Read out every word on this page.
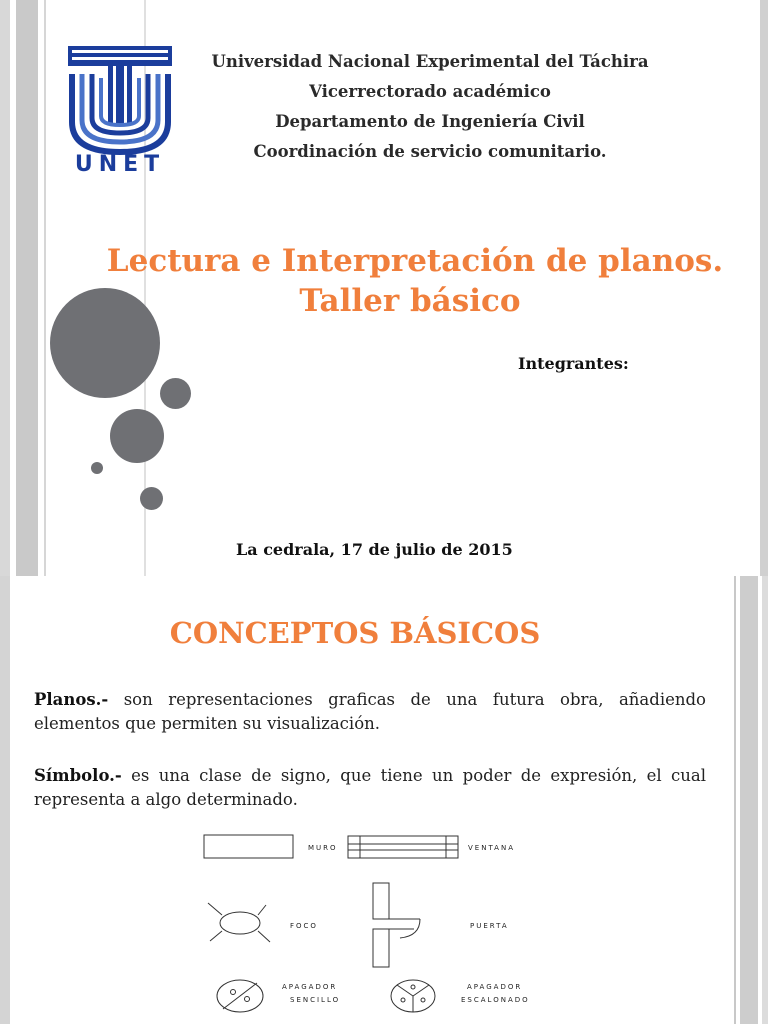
UNET
Universidad Nacional Experimental del Táchira
Vicerrectorado académico
Departamento de Ingeniería Civil
Coordinación de servicio comunitario.
Lectura e Interpretación de planos.
Taller básico
Integrantes:
La cedrala, 17 de julio de 2015
CONCEPTOS BÁSICOS
Planos.- son representaciones graficas de una futura obra, añadiendo elementos que permiten su visualización.
Símbolo.- es una clase de signo, que tiene un poder de expresión, el cual representa a algo determinado.
MURO	VENTANA
FOCO	PUERTA
APAGADOR
SENCILLO
APAGADOR
ESCALONADO
